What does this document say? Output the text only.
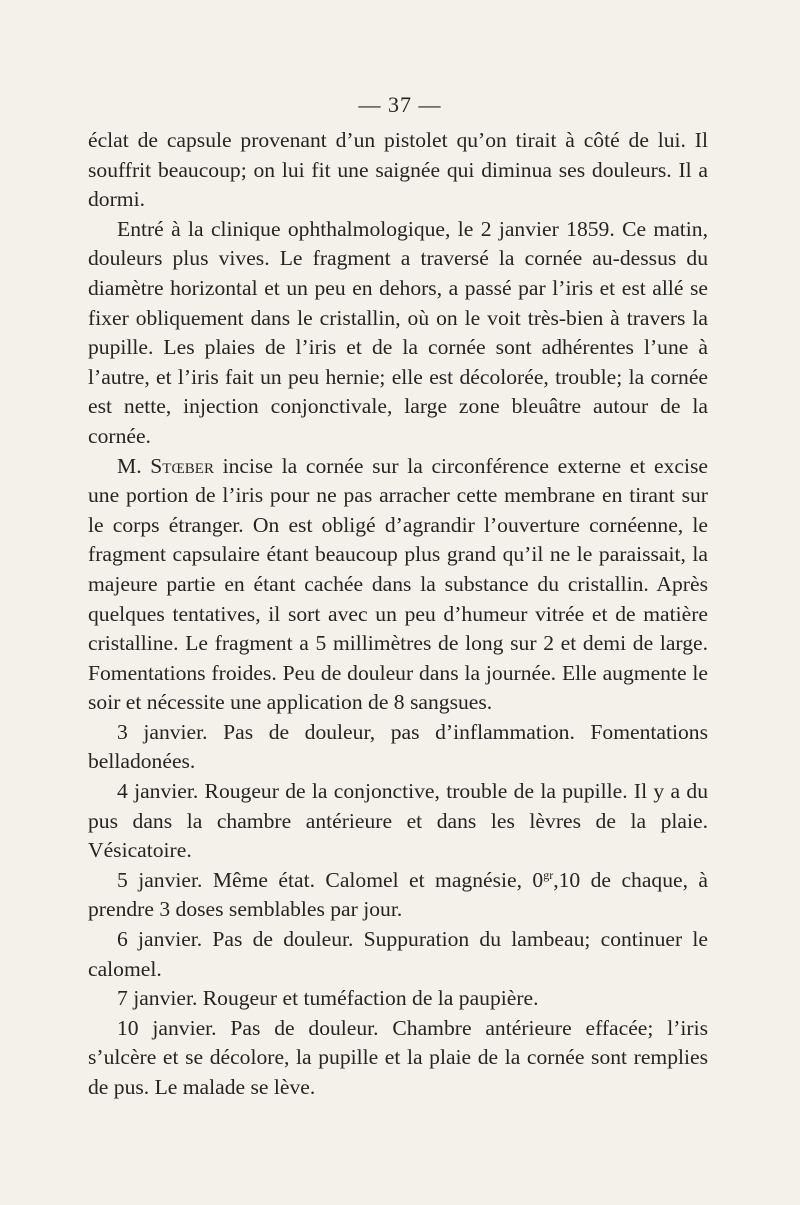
— 37 —

éclat de capsule provenant d’un pistolet qu’on tirait à côté de lui. Il souffrit beaucoup; on lui fit une saignée qui diminua ses douleurs. Il a dormi.

Entré à la clinique ophthalmologique, le 2 janvier 1859. Ce matin, douleurs plus vives. Le fragment a traversé la cornée au-dessus du diamètre horizontal et un peu en dehors, a passé par l’iris et est allé se fixer obliquement dans le cristallin, où on le voit très-bien à travers la pupille. Les plaies de l’iris et de la cornée sont adhérentes l’une à l’autre, et l’iris fait un peu hernie; elle est décolorée, trouble; la cornée est nette, injection conjonctivale, large zone bleuâtre autour de la cornée.

M. Stœber incise la cornée sur la circonférence externe et excise une portion de l’iris pour ne pas arracher cette membrane en tirant sur le corps étranger. On est obligé d’agrandir l’ouverture cornéenne, le fragment capsulaire étant beaucoup plus grand qu’il ne le paraissait, la majeure partie en étant cachée dans la substance du cristallin. Après quelques tentatives, il sort avec un peu d’humeur vitrée et de matière cristalline. Le fragment a 5 millimètres de long sur 2 et demi de large. Fomentations froides. Peu de douleur dans la journée. Elle augmente le soir et nécessite une application de 8 sangsues.

3 janvier. Pas de douleur, pas d’inflammation. Fomentations belladonées.

4 janvier. Rougeur de la conjonctive, trouble de la pupille. Il y a du pus dans la chambre antérieure et dans les lèvres de la plaie. Vésicatoire.

5 janvier. Même état. Calomel et magnésie, $0^{gr},10$ de chaque, à prendre 3 doses semblables par jour.

6 janvier. Pas de douleur. Suppuration du lambeau; continuer le calomel.

7 janvier. Rougeur et tuméfaction de la paupière.

10 janvier. Pas de douleur. Chambre antérieure effacée; l’iris s’ulcère et se décolore, la pupille et la plaie de la cornée sont remplies de pus. Le malade se lève.
